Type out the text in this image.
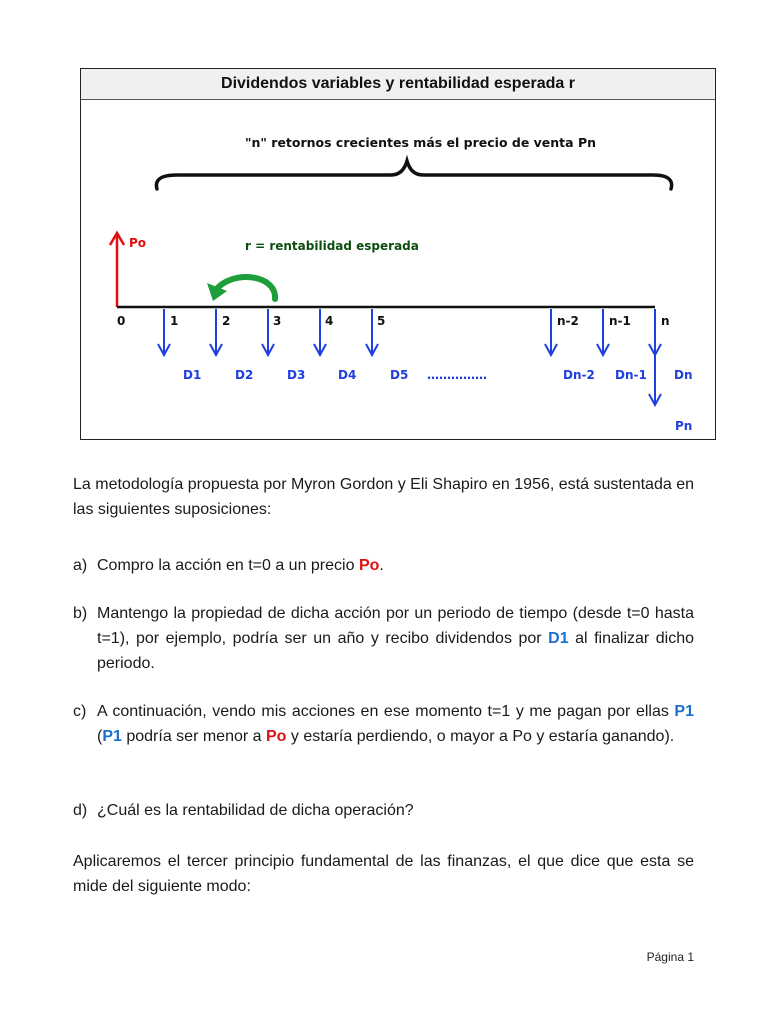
Dividendos variables y rentabilidad esperada r
"n" retornos crecientes más el precio de venta Pn
Po	r = rentabilidad esperada
0	1	2	3	4	5	n-2	n-1	n
D1	D2	D3	D4	D5 ……………	Dn-2 Dn-1 Dn
Pn

La metodología propuesta por Myron Gordon y Eli Shapiro en 1956, está sustentada en las siguientes suposiciones:

a) Compro la acción en t=0 a un precio Po.
b) Mantengo la propiedad de dicha acción por un periodo de tiempo (desde t=0 hasta t=1), por ejemplo, podría ser un año y recibo dividendos por D1 al finalizar dicho periodo.
c) A continuación, vendo mis acciones en ese momento t=1 y me pagan por ellas P1 (P1 podría ser menor a Po y estaría perdiendo, o mayor a Po y estaría ganando).
d) ¿Cuál es la rentabilidad de dicha operación?

Aplicaremos el tercer principio fundamental de las finanzas, el que dice que esta se mide del siguiente modo:

Página 1
